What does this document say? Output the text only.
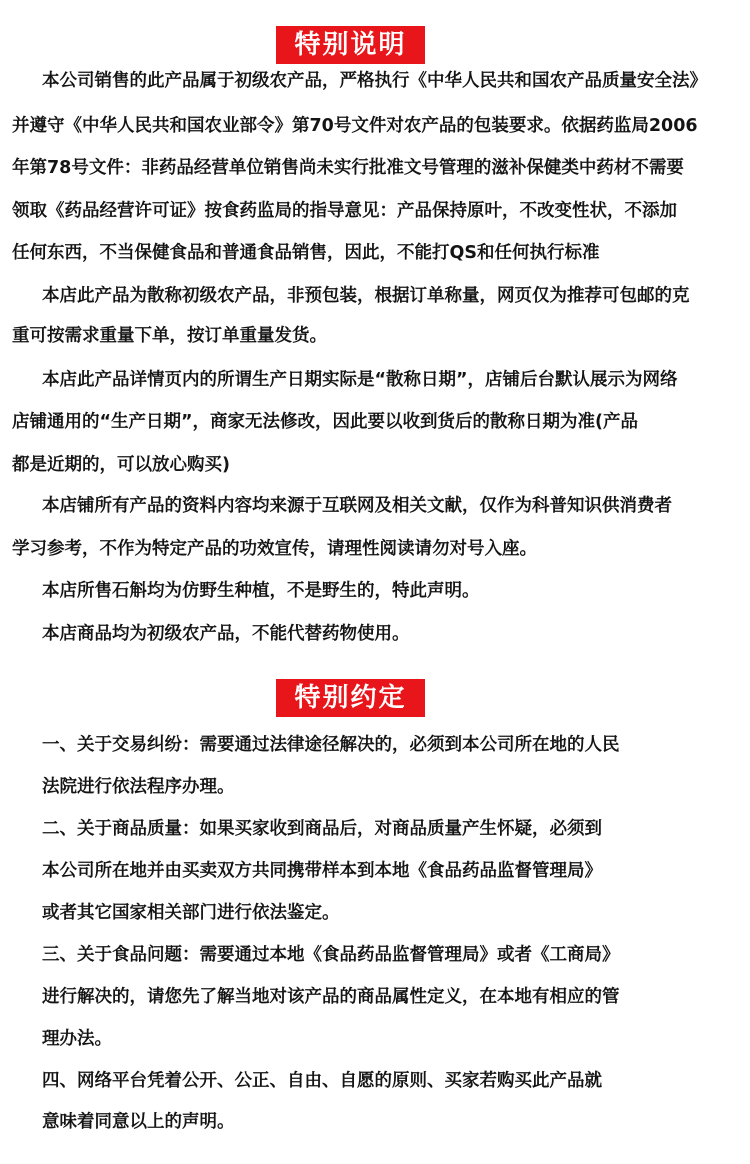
特别说明
本公司销售的此产品属于初级农产品，严格执行《中华人民共和国农产品质量安全法》
并遵守《中华人民共和国农业部令》第70号文件对农产品的包装要求。依据药监局2006
年第78号文件：非药品经营单位销售尚未实行批准文号管理的滋补保健类中药材不需要
领取《药品经营许可证》按食药监局的指导意见：产品保持原叶，不改变性状，不添加
任何东西，不当保健食品和普通食品销售，因此，不能打QS和任何执行标准
本店此产品为散称初级农产品，非预包装，根据订单称量，网页仅为推荐可包邮的克
重可按需求重量下单，按订单重量发货。
本店此产品详情页内的所谓生产日期实际是“散称日期”，店铺后台默认展示为网络
店铺通用的“生产日期”，商家无法修改，因此要以收到货后的散称日期为准(产品
都是近期的，可以放心购买)
本店铺所有产品的资料内容均来源于互联网及相关文献，仅作为科普知识供消费者
学习参考，不作为特定产品的功效宣传，请理性阅读请勿对号入座。
本店所售石斛均为仿野生种植，不是野生的，特此声明。
本店商品均为初级农产品，不能代替药物使用。
特别约定
一、关于交易纠纷：需要通过法律途径解决的，必须到本公司所在地的人民
法院进行依法程序办理。
二、关于商品质量：如果买家收到商品后，对商品质量产生怀疑，必须到
本公司所在地并由买卖双方共同携带样本到本地《食品药品监督管理局》
或者其它国家相关部门进行依法鉴定。
三、关于食品问题：需要通过本地《食品药品监督管理局》或者《工商局》
进行解决的，请您先了解当地对该产品的商品属性定义，在本地有相应的管
理办法。
四、网络平台凭着公开、公正、自由、自愿的原则、买家若购买此产品就
意味着同意以上的声明。
